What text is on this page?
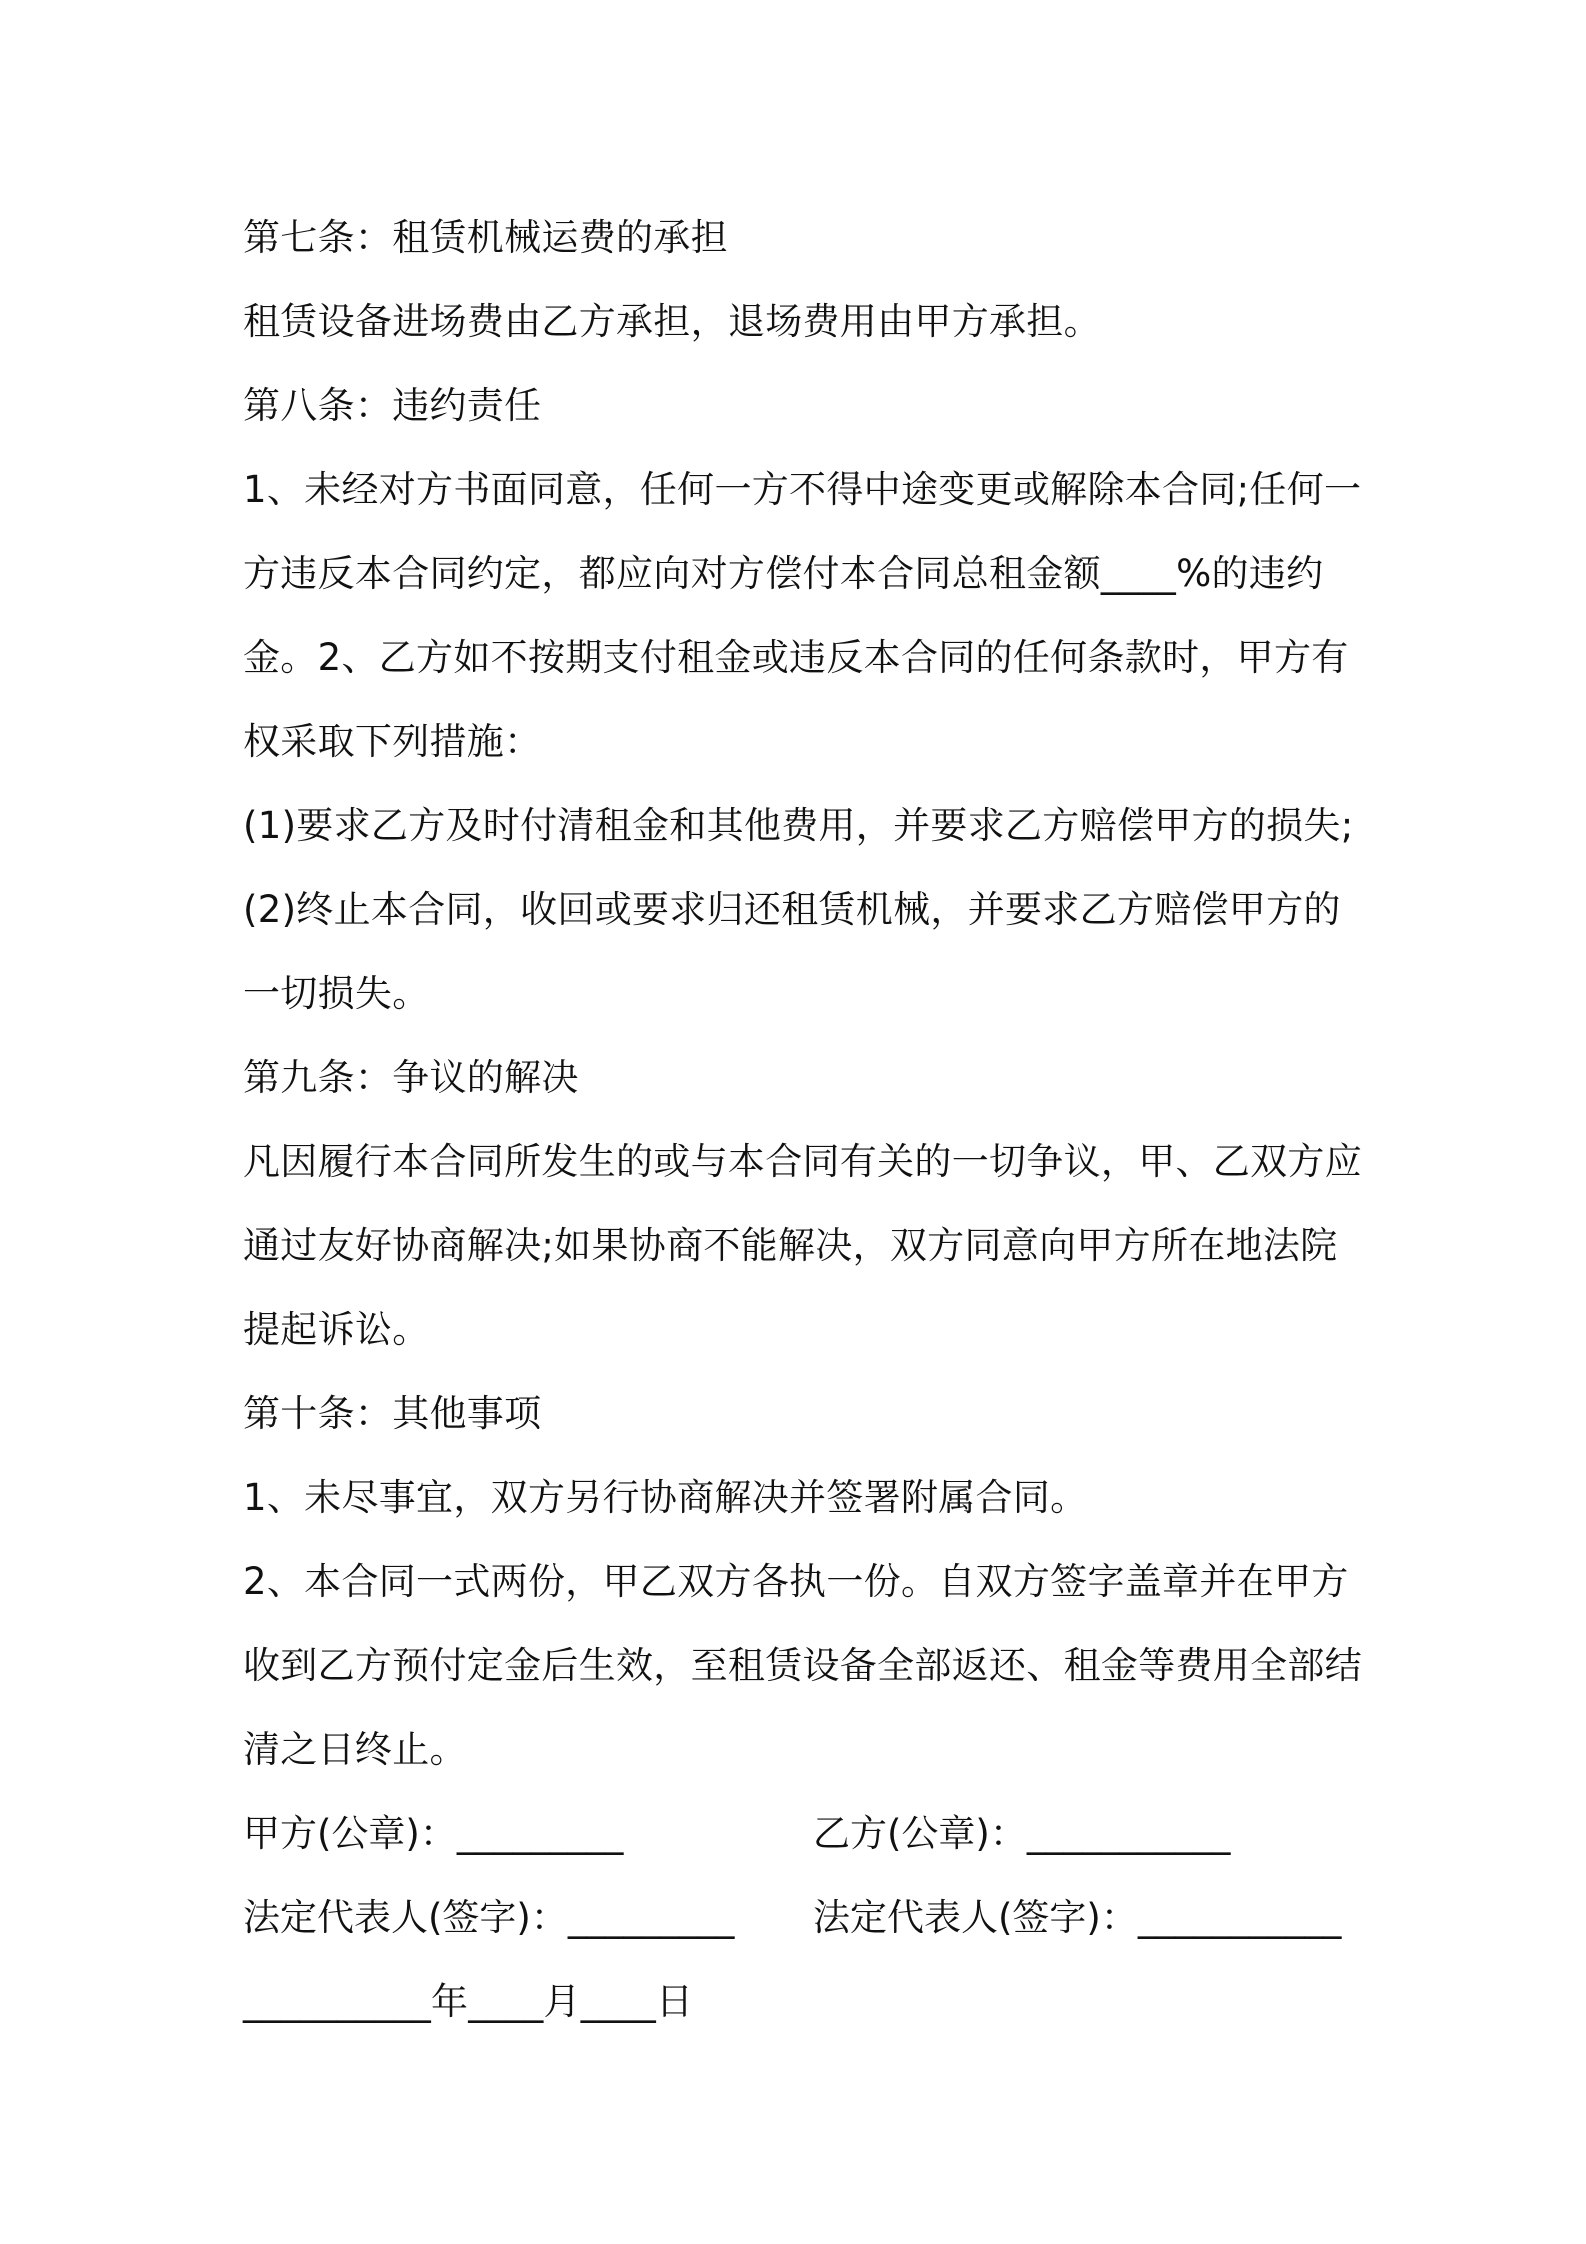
第七条：租赁机械运费的承担
租赁设备进场费由乙方承担，退场费用由甲方承担。
第八条：违约责任
1、未经对方书面同意，任何一方不得中途变更或解除本合同;任何一
方违反本合同约定，都应向对方偿付本合同总租金额____%的违约
金。2、乙方如不按期支付租金或违反本合同的任何条款时，甲方有
权采取下列措施：
(1)要求乙方及时付清租金和其他费用，并要求乙方赔偿甲方的损失;
(2)终止本合同，收回或要求归还租赁机械，并要求乙方赔偿甲方的
一切损失。
第九条：争议的解决
凡因履行本合同所发生的或与本合同有关的一切争议，甲、乙双方应
通过友好协商解决;如果协商不能解决，双方同意向甲方所在地法院
提起诉讼。
第十条：其他事项
1、未尽事宜，双方另行协商解决并签署附属合同。
2、本合同一式两份，甲乙双方各执一份。自双方签字盖章并在甲方
收到乙方预付定金后生效，至租赁设备全部返还、租金等费用全部结
清之日终止。
甲方(公章)：_________	乙方(公章)：___________
法定代表人(签字)：_________ 法定代表人(签字)：___________
__________年____月____日
